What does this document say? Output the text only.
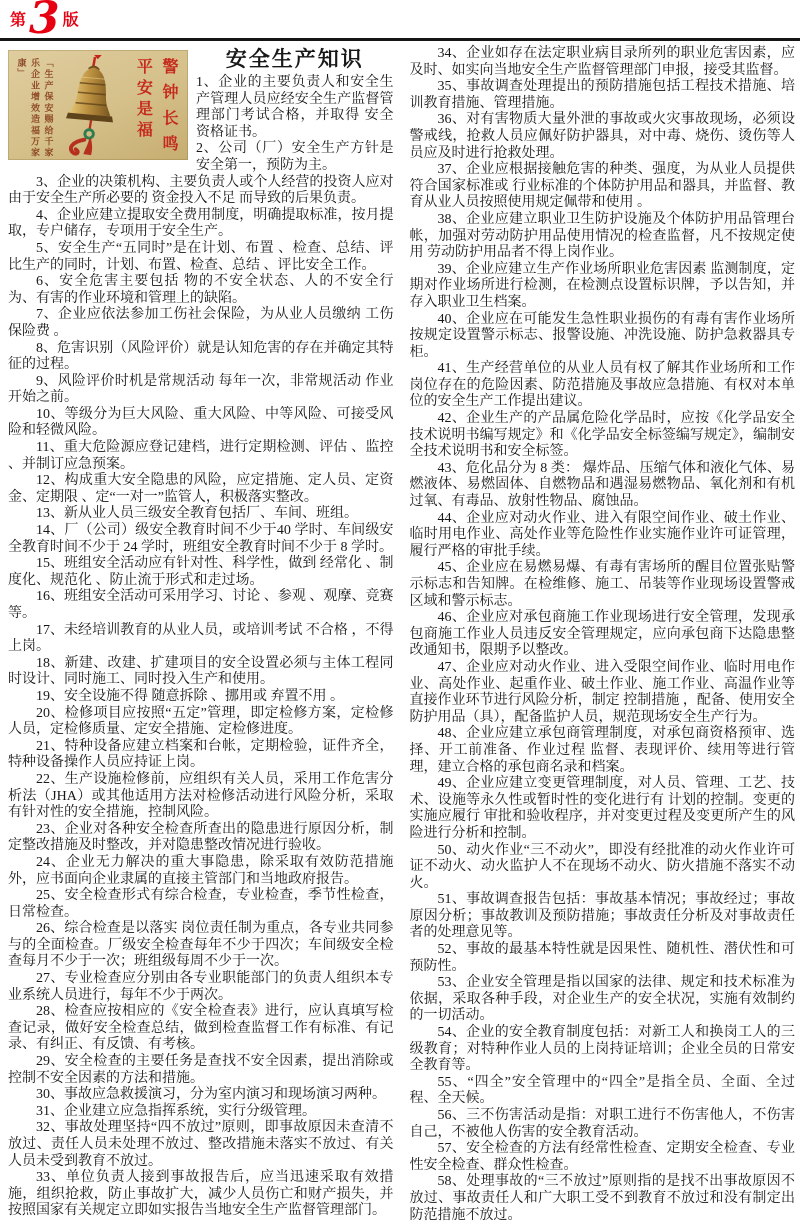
第3 版
「生产保安赐给千家乐企业增效造福万家康」	警钟长鸣平安是福	安全生产知识

1、企业的主要负责人和安全生产管理人员应经安全生产监督管理部门考试合格，并取得 安全资格证书。

2、公司（厂）安全生产方针是安全第一，预防为主。

3、企业的决策机构、主要负责人或个人经营的投资人应对由于安全生产所必要的 资金投入不足 而导致的后果负责。

4、企业应建立提取安全费用制度，明确提取标准，按月提取，专户储存，专项用于安全生产。

5、安全生产“五同时”是在计划、布置 、检查、总结、评比生产的同时，计划、布置、检查、总结 、评比安全工作。

6、安全危害主要包括 物的不安全状态、人的不安全行为、有害的作业环境和管理上的缺陷。

7、企业应依法参加工伤社会保险，为从业人员缴纳 工伤保险费 。

8、危害识别（风险评价）就是认知危害的存在并确定其特征的过程。

9、风险评价时机是常规活动 每年一次，非常规活动 作业开始之前。

10、等级分为巨大风险、重大风险、中等风险、可接受风险和轻微风险。

11、重大危险源应登记建档，进行定期检测、评估 、监控 、并制订应急预案。

12、构成重大安全隐患的风险，应定措施、定人员、定资金、定期限 、定“一对一”监管人，积极落实整改。

13、新从业人员三级安全教育包括厂、车间、班组。

14、厂（公司）级安全教育时间不少于40 学时、车间级安全教育时间不少于 24 学时，班组安全教育时间不少于 8 学时。

15、班组安全活动应有针对性、科学性，做到 经常化 、制度化、规范化 、防止流于形式和走过场。

16、班组安全活动可采用学习、讨论 、参观 、观摩、竞赛等。

17、未经培训教育的从业人员，或培训考试 不合格 ，不得上岗。

18、新建、改建、扩建项目的安全设置必须与主体工程同时设计、同时施工、同时投入生产和使用。

19、安全设施不得 随意拆除 、挪用或 弃置不用 。

20、检修项目应按照“五定”管理，即定检修方案，定检修人员，定检修质量、定安全措施、定检修进度。

21、特种设备应建立档案和台帐，定期检验，证件齐全，特种设备操作人员应持证上岗。

22、生产设施检修前，应组织有关人员，采用工作危害分析法（JHA）或其他适用方法对检修活动进行风险分析，采取有针对性的安全措施，控制风险。

23、企业对各种安全检查所查出的隐患进行原因分析，制定整改措施及时整改，并对隐患整改情况进行验收。

24、企业无力解决的重大事隐患，除采取有效防范措施外，应书面向企业隶属的直接主管部门和当地政府报告。

25、安全检查形式有综合检查，专业检查，季节性检查，日常检查。

26、综合检查是以落实 岗位责任制为重点，各专业共同参与的全面检查。厂级安全检查每年不少于四次；车间级安全检查每月不少于一次；班组级每周不少于一次。

27、专业检查应分别由各专业职能部门的负责人组织本专业系统人员进行，每年不少于两次。

28、检查应按相应的《安全检查表》进行，应认真填写检查记录，做好安全检查总结，做到检查监督工作有标准、有记录、有纠正、有反馈、有考核。

29、安全检查的主要任务是查找不安全因素，提出消除或控制不安全因素的方法和措施。

30、事故应急救援演习，分为室内演习和现场演习两种。

31、企业建立应急指挥系统，实行分级管理。

32、事故处理坚持“四不放过”原则，即事故原因未查清不放过、责任人员未处理不放过、整改措施未落实不放过、有关人员未受到教育不放过。

33、单位负责人接到事故报告后，应当迅速采取有效措施，组织抢救，防止事故扩大，减少人员伤亡和财产损失，并按照国家有关规定立即如实报告当地安全生产监督管理部门。

34、企业如存在法定职业病目录所列的职业危害因素，应及时、如实向当地安全生产监督管理部门申报，接受其监督。

35、事故调查处理提出的预防措施包括工程技术措施、培训教育措施、管理措施。

36、对有害物质大量外泄的事故或火灾事故现场，必须设警戒线，抢救人员应佩好防护器具，对中毒、烧伤、烫伤等人员应及时进行抢救处理。

37、企业应根据接触危害的种类、强度，为从业人员提供符合国家标准或 行业标准的个体防护用品和器具，并监督、教育从业人员按照使用规定佩带和使用 。

38、企业应建立职业卫生防护设施及个体防护用品管理台帐，加强对劳动防护用品使用情况的检查监督，凡不按规定使用 劳动防护用品者不得上岗作业。

39、企业应建立生产作业场所职业危害因素 监测制度，定期对作业场所进行检测，在检测点设置标识牌，予以告知，并存入职业卫生档案。

40、企业应在可能发生急性职业损伤的有毒有害作业场所按规定设置警示标志、报警设施、冲洗设施、防护急救器具专柜。

41、生产经营单位的从业人员有权了解其作业场所和工作岗位存在的危险因素、防范措施及事故应急措施、有权对本单位的安全生产工作提出建议。

42、企业生产的产品属危险化学品时，应按《化学品安全技术说明书编写规定》和《化学品安全标签编写规定》，编制安全技术说明书和安全标签。

43、危化品分为 8 类： 爆炸品、压缩气体和液化气体、易燃液体、易燃固体、自燃物品和遇湿易燃物品、氧化剂和有机过氧、有毒品、放射性物品、腐蚀品。

44、企业应对动火作业、进入有限空间作业、破土作业、临时用电作业、高处作业等危险性作业实施作业许可证管理，履行严格的审批手续。

45、企业应在易燃易爆、有毒有害场所的醒目位置张贴警示标志和告知牌。在检维修、施工、吊装等作业现场设置警戒区域和警示标志。

46、企业应对承包商施工作业现场进行安全管理，发现承包商施工作业人员违反安全管理规定，应向承包商下达隐患整改通知书，限期予以整改。

47、企业应对动火作业、进入受限空间作业、临时用电作业、高处作业、起重作业、破土作业、施工作业、高温作业等直接作业环节进行风险分析，制定 控制措施 ，配备、使用安全防护用品（具），配备监护人员，规范现场安全生产行为。

48、企业应建立承包商管理制度，对承包商资格预审、选择、开工前准备、作业过程 监督、表现评价、续用等进行管理，建立合格的承包商名录和档案。

49、企业应建立变更管理制度，对人员、管理、工艺、技术、设施等永久性或暂时性的变化进行有 计划的控制。变更的实施应履行 审批和验收程序，并对变更过程及变更所产生的风险进行分析和控制。

50、动火作业“三不动火”，即没有经批准的动火作业许可证不动火、动火监护人不在现场不动火、防火措施不落实不动火。

51、事故调查报告包括：事故基本情况；事故经过；事故原因分析；事故教训及预防措施；事故责任分析及对事故责任者的处理意见等。

52、事故的最基本特性就是因果性、随机性、潜伏性和可预防性。

53、企业安全管理是指以国家的法律、规定和技术标准为依据，采取各种手段，对企业生产的安全状况，实施有效制约的一切活动。

54、企业的安全教育制度包括：对新工人和换岗工人的三级教育；对特种作业人员的上岗持证培训；企业全员的日常安全教育等。

55、“四全”安全管理中的“四全”是指全员、全面、全过程、全天候。

56、三不伤害活动是指：对职工进行不伤害他人，不伤害自己，不被他人伤害的安全教育活动。

57、安全检查的方法有经常性检查、定期安全检查、专业性安全检查、群众性检查。

58、处理事故的“三不放过”原则指的是找不出事故原因不放过、事故责任人和广大职工受不到教育不放过和没有制定出防范措施不放过。
